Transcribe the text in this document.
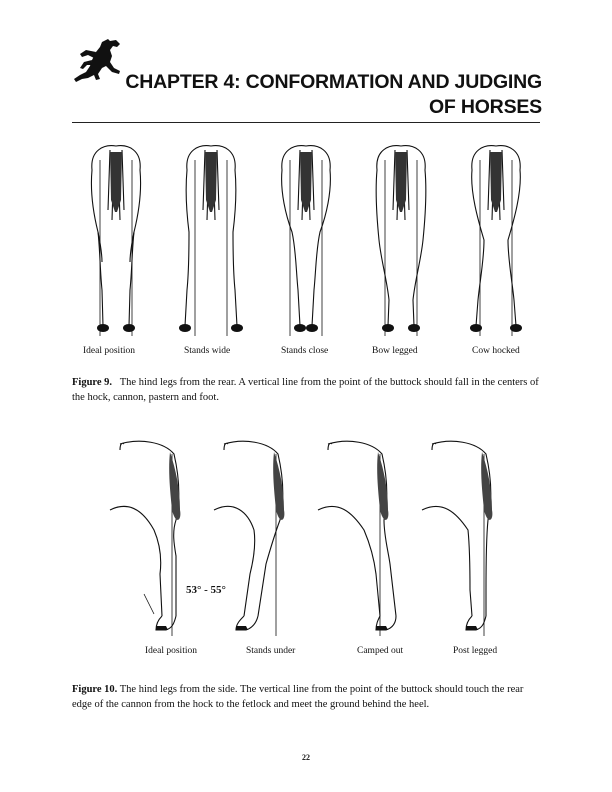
CHAPTER 4: CONFORMATION AND JUDGING
OF HORSES
Ideal position	Stands wide	Stands close	Bow legged	Cow hocked
Figure 9. The hind legs from the rear. A vertical line from the point of the buttock should fall in the centers of the hock, cannon, pastern and foot.
53° - 55°
Ideal position	Stands under	Camped out	Post legged
Figure 10. The hind legs from the side. The vertical line from the point of the buttock should touch the rear edge of the cannon from the hock to the fetlock and meet the ground behind the heel.
22
